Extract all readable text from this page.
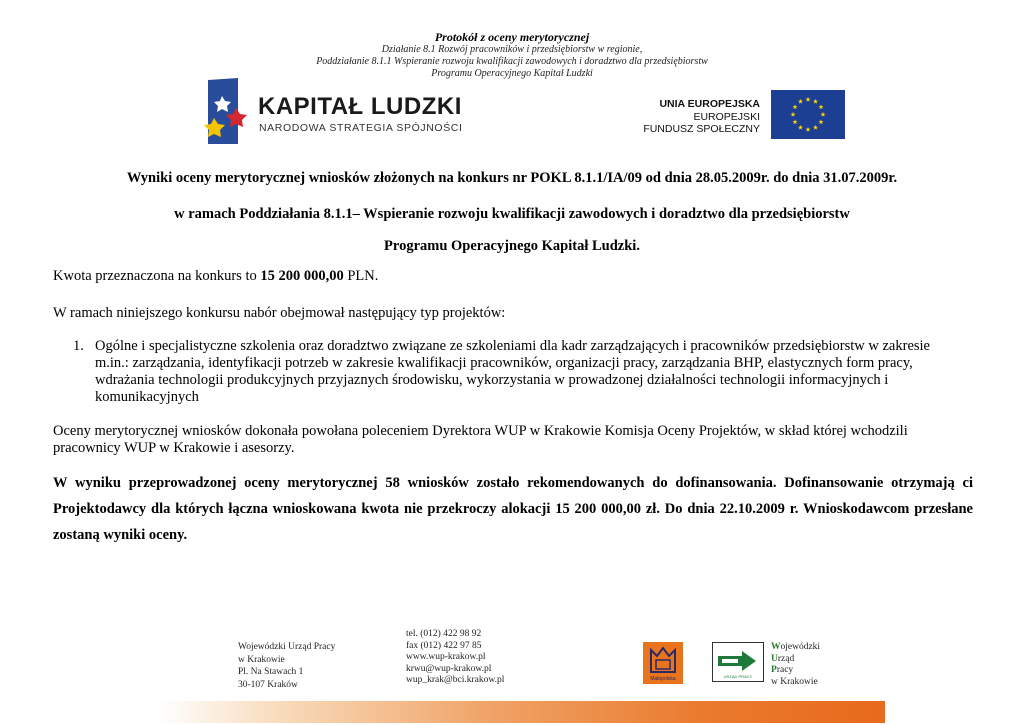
Protokół z oceny merytorycznej
Działanie 8.1 Rozwój pracowników i przedsiębiorstw w regionie,
Poddziałanie 8.1.1 Wspieranie rozwoju kwalifikacji zawodowych i doradztwo dla przedsiębiorstw
Programu Operacyjnego Kapitał Ludzki
KAPITAŁ LUDZKI
NARODOWA STRATEGIA SPÓJNOŚCI
UNIA EUROPEJSKA
EUROPEJSKI
FUNDUSZ SPOŁECZNY
Wyniki oceny merytorycznej wniosków złożonych na konkurs nr POKL 8.1.1/IA/09 od dnia 28.05.2009r. do dnia 31.07.2009r.
w ramach Poddziałania 8.1.1– Wspieranie rozwoju kwalifikacji zawodowych i doradztwo dla przedsiębiorstw
Programu Operacyjnego Kapitał Ludzki.
Kwota przeznaczona na konkurs to 15 200 000,00 PLN.
W ramach niniejszego konkursu nabór obejmował następujący typ projektów:
1. Ogólne i specjalistyczne szkolenia oraz doradztwo związane ze szkoleniami dla kadr zarządzających i pracowników przedsiębiorstw w zakresie m.in.: zarządzania, identyfikacji potrzeb w zakresie kwalifikacji pracowników, organizacji pracy, zarządzania BHP, elastycznych form pracy, wdrażania technologii produkcyjnych przyjaznych środowisku, wykorzystania w prowadzonej działalności technologii informacyjnych i komunikacyjnych
Oceny merytorycznej wniosków dokonała powołana poleceniem Dyrektora WUP w Krakowie Komisja Oceny Projektów, w skład której wchodzili pracownicy WUP w Krakowie i asesorzy.
W wyniku przeprowadzonej oceny merytorycznej 58 wniosków zostało rekomendowanych do dofinansowania. Dofinansowanie otrzymają ci Projektodawcy dla których łączna wnioskowana kwota nie przekroczy alokacji 15 200 000,00 zł. Do dnia 22.10.2009 r. Wnioskodawcom przesłane zostaną wyniki oceny.
Wojewódzki Urząd Pracy
w Krakowie
Pl. Na Stawach 1
30-107 Kraków
tel. (012) 422 98 92
fax (012) 422 97 85
www.wup-krakow.pl
krwu@wup-krakow.pl
wup_krak@bci.krakow.pl	Małopolska	URZĄD PRACY
Wojewódzki
Urząd
Pracy
w Krakowie
